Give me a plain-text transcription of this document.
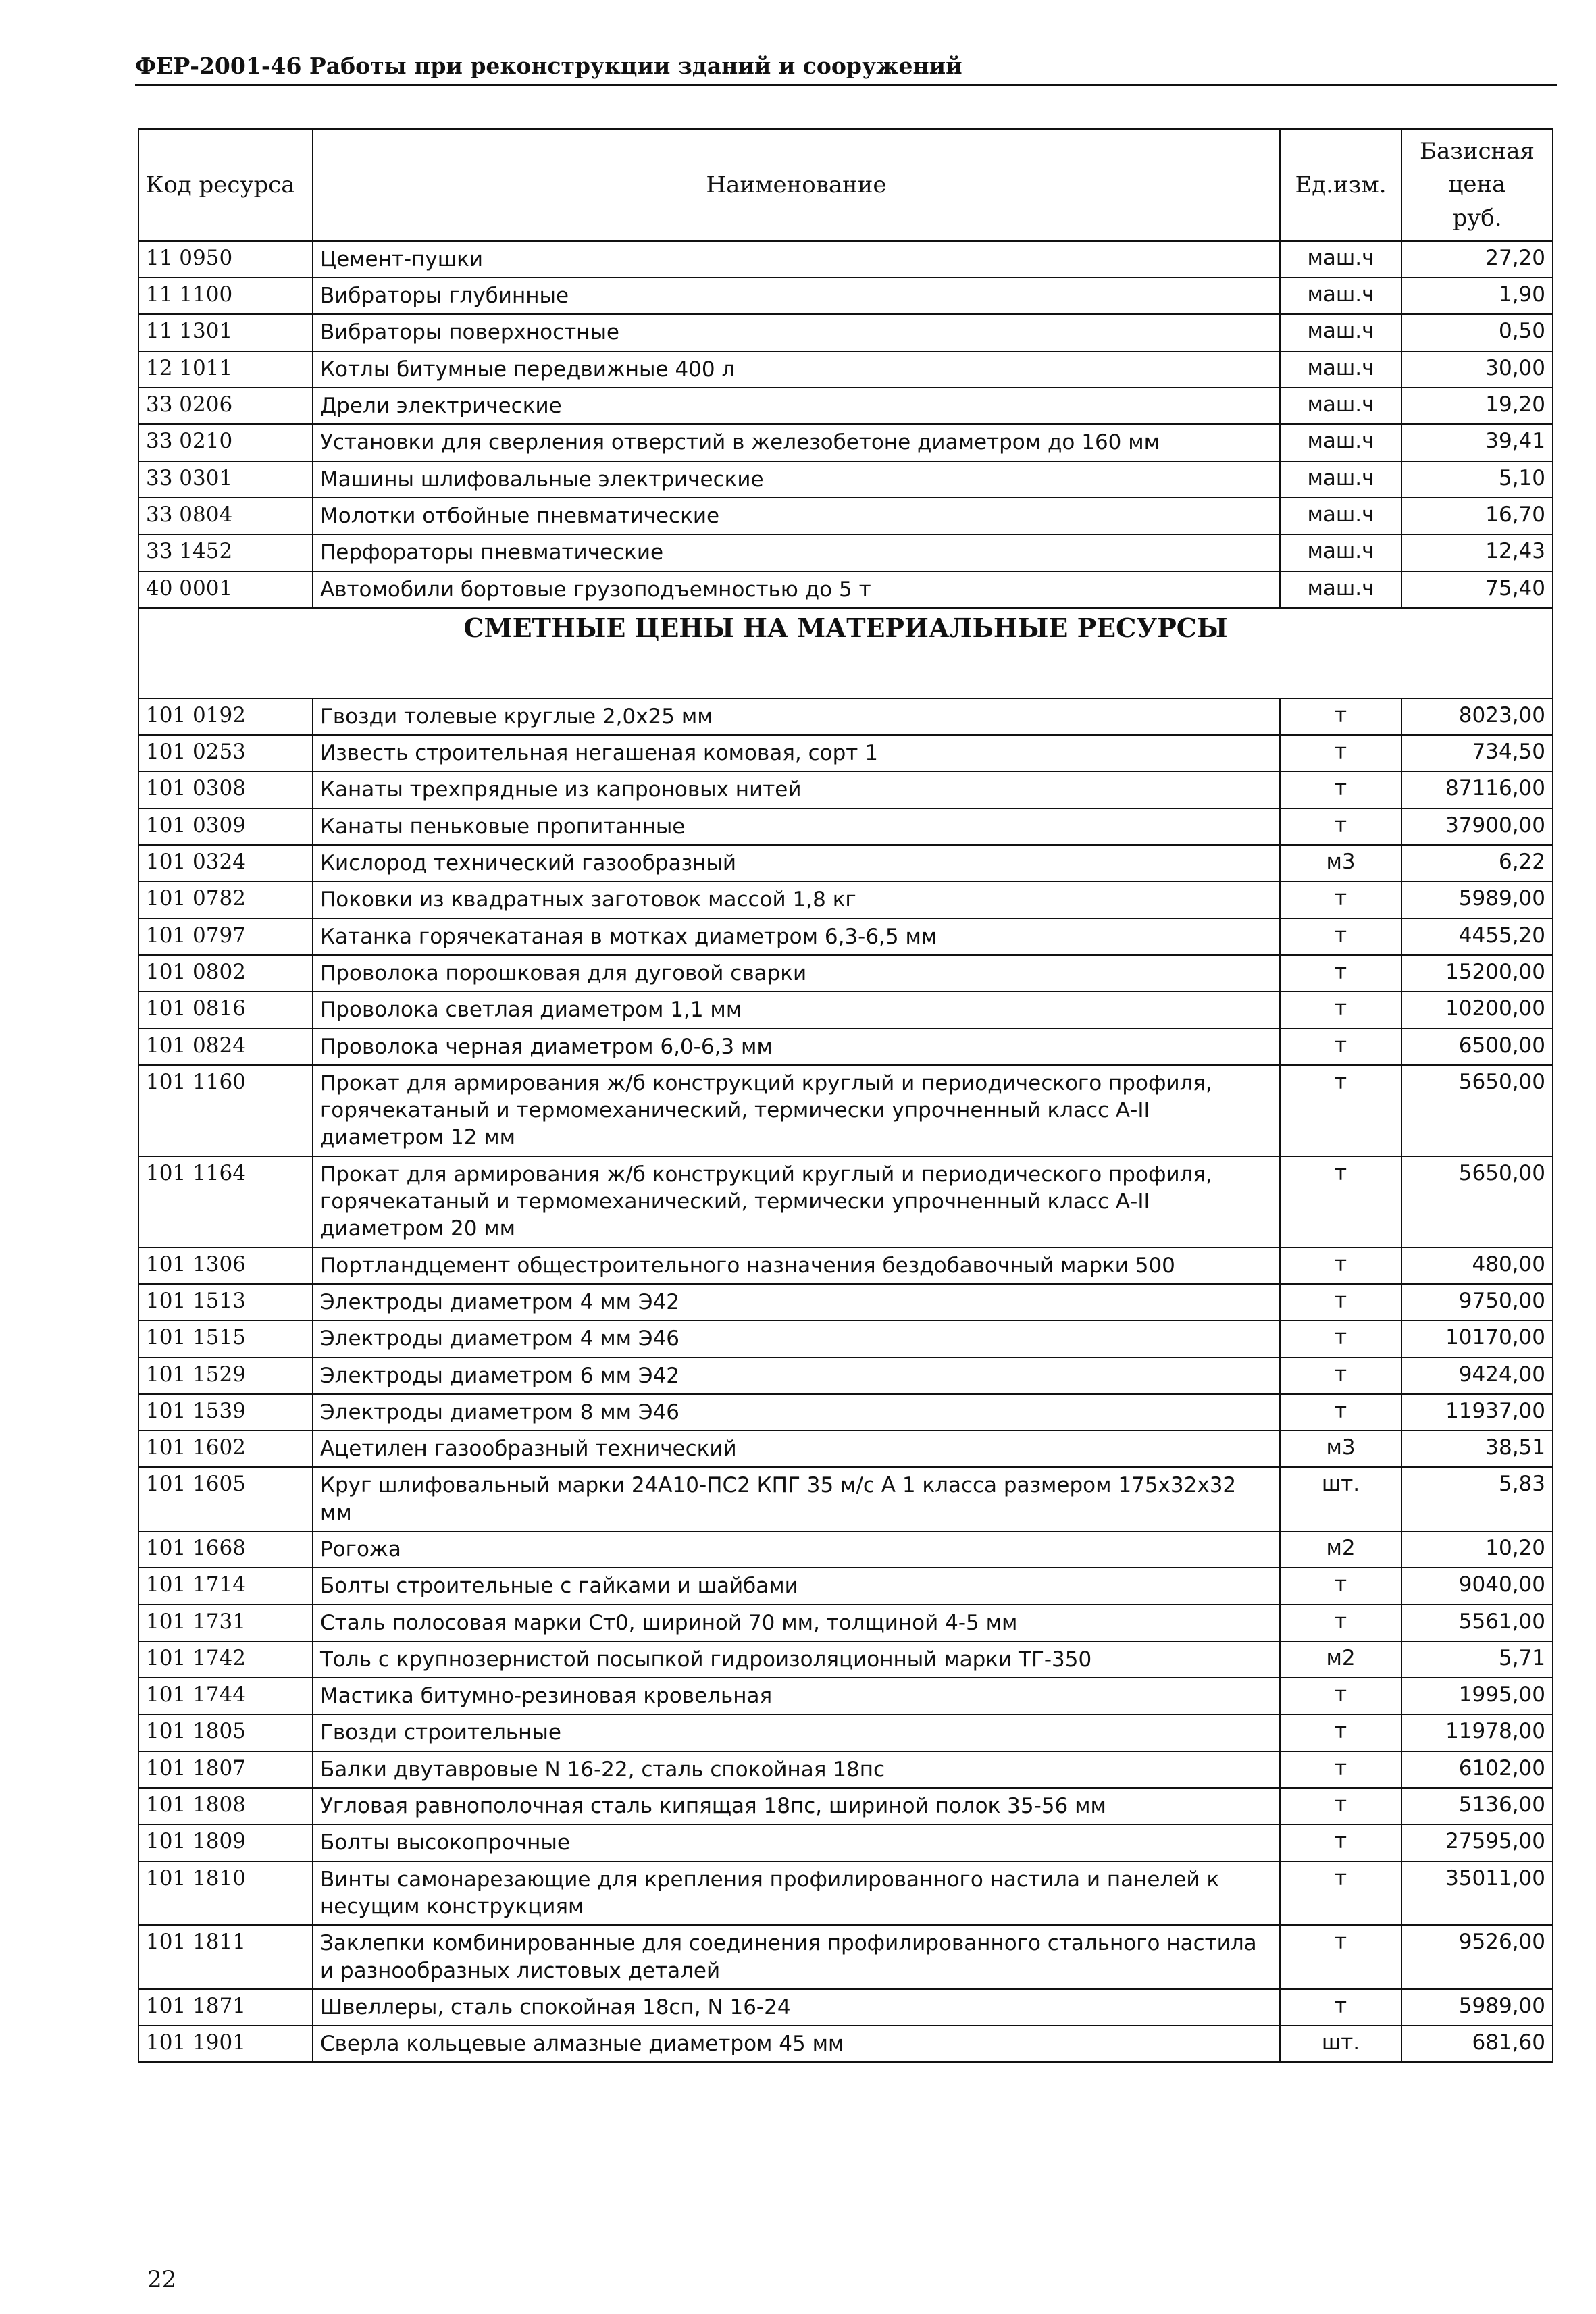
ФЕР-2001-46 Работы при реконструкции зданий и сооружений
Код ресурса	Наименование	Ед.изм.	Базисная
цена
руб.

11 0950	Цемент-пушки	маш.ч	27,20
11 1100	Вибраторы глубинные	маш.ч	1,90
11 1301	Вибраторы поверхностные	маш.ч	0,50
12 1011	Котлы битумные передвижные 400 л	маш.ч	30,00
33 0206	Дрели электрические	маш.ч	19,20
33 0210	Установки для сверления отверстий в железобетоне диаметром до 160 мм	маш.ч	39,41
33 0301	Машины шлифовальные электрические	маш.ч	5,10
33 0804	Молотки отбойные пневматические	маш.ч	16,70
33 1452	Перфораторы пневматические	маш.ч	12,43
40 0001	Автомобили бортовые грузоподъемностью до 5 т	маш.ч	75,40
СМЕТНЫЕ ЦЕНЫ НА МАТЕРИАЛЬНЫЕ РЕСУРСЫ			
101 0192	Гвозди толевые круглые 2,0х25 мм	т	8023,00
101 0253	Известь строительная негашеная комовая, сорт 1	т	734,50
101 0308	Канаты трехпрядные из капроновых нитей	т	87116,00
101 0309	Канаты пеньковые пропитанные	т	37900,00
101 0324	Кислород технический газообразный	м3	6,22
101 0782	Поковки из квадратных заготовок массой 1,8 кг	т	5989,00
101 0797	Катанка горячекатаная в мотках диаметром 6,3-6,5 мм	т	4455,20
101 0802	Проволока порошковая для дуговой сварки	т	15200,00
101 0816	Проволока светлая диаметром 1,1 мм	т	10200,00
101 0824	Проволока черная диаметром 6,0-6,3 мм	т	6500,00
101 1160	Прокат для армирования ж/б конструкций круглый и периодического профиля, горячекатаный и термомеханический, термически упрочненный класс А-II диаметром 12 мм	т	5650,00
101 1164	Прокат для армирования ж/б конструкций круглый и периодического профиля, горячекатаный и термомеханический, термически упрочненный класс А-II диаметром 20 мм	т	5650,00
101 1306	Портландцемент общестроительного назначения бездобавочный марки 500	т	480,00
101 1513	Электроды диаметром 4 мм Э42	т	9750,00
101 1515	Электроды диаметром 4 мм Э46	т	10170,00
101 1529	Электроды диаметром 6 мм Э42	т	9424,00
101 1539	Электроды диаметром 8 мм Э46	т	11937,00
101 1602	Ацетилен газообразный технический	м3	38,51
101 1605	Круг шлифовальный марки 24А10-ПС2 КПГ 35 м/с А 1 класса размером 175х32х32 мм	шт.	5,83
101 1668	Рогожа	м2	10,20
101 1714	Болты строительные с гайками и шайбами	т	9040,00
101 1731	Сталь полосовая марки Ст0, шириной 70 мм, толщиной 4-5 мм	т	5561,00
101 1742	Толь с крупнозернистой посыпкой гидроизоляционный марки ТГ-350	м2	5,71
101 1744	Мастика битумно-резиновая кровельная	т	1995,00
101 1805	Гвозди строительные	т	11978,00
101 1807	Балки двутавровые N 16-22, сталь спокойная 18пс	т	6102,00
101 1808	Угловая равнополочная сталь кипящая 18пс, шириной полок 35-56 мм	т	5136,00
101 1809	Болты высокопрочные	т	27595,00
101 1810	Винты самонарезающие для крепления профилированного настила и панелей к несущим конструкциям	т	35011,00
101 1811	Заклепки комбинированные для соединения профилированного стального настила и разнообразных листовых деталей	т	9526,00
101 1871	Швеллеры, сталь спокойная 18сп, N 16-24	т	5989,00
101 1901	Сверла кольцевые алмазные диаметром 45 мм	шт.	681,60
22
